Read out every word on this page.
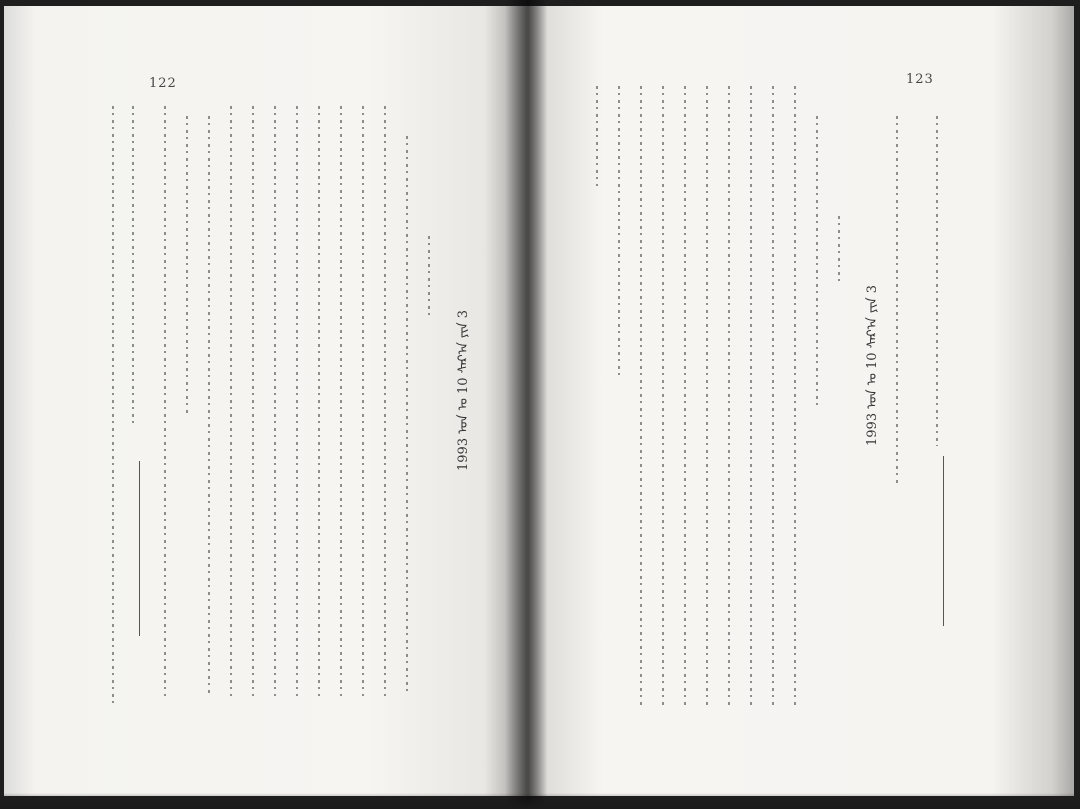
122
1993 ᠣᠨ ᠤ 10 ᠰᠠᠷ᠎ᠠ ᠶᠢᠨ 3
123
1993 ᠣᠨ ᠤ 10 ᠰᠠᠷ᠎ᠠ ᠶᠢᠨ 3
